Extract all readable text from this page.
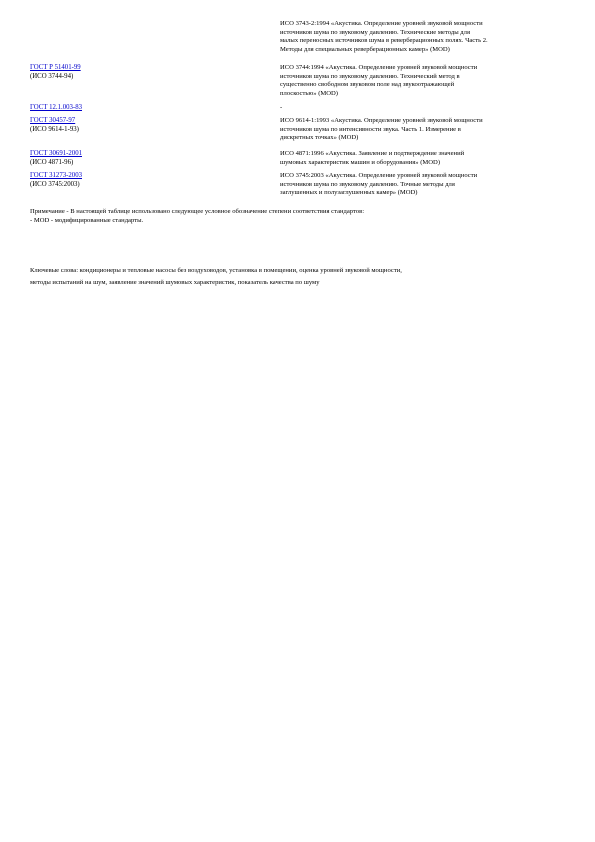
ИСО 3743-2:1994 «Акустика. Определение уровней звуковой мощности
источников шума по звуковому давлению. Технические методы для
малых переносных источников шума в реверберационных полях. Часть 2.
Методы для специальных реверберационных камер» (MOD)
ГОСТ Р 51401-99
(ИСО 3744-94)
ИСО 3744:1994 «Акустика. Определение уровней звуковой мощности
источников шума по звуковому давлению. Технический метод в
существенно свободном звуковом поле над звукоотражающей
плоскостью» (MOD)
ГОСТ 12.1.003-83	-
ГОСТ 30457-97
(ИСО 9614-1-93)
ИСО 9614-1:1993 «Акустика. Определение уровней звуковой мощности
источников шума по интенсивности звука. Часть 1. Измерение в
дискретных точках» (MOD)
ГОСТ 30691-2001
(ИСО 4871-96)
ИСО 4871:1996 «Акустика. Заявление и подтверждение значений
шумовых характеристик машин и оборудования» (MOD)
ГОСТ 31273-2003
(ИСО 3745:2003)
ИСО 3745:2003 «Акустика. Определение уровней звуковой мощности
источников шума по звуковому давлению. Точные методы для
заглушенных и полузаглушенных камер» (MOD)
Примечание - В настоящей таблице использовано следующее условное обозначение степени соответствия стандартов:
- MOD - модифицированные стандарты.
Ключевые слова: кондиционеры и тепловые насосы без воздуховодов, установка в помещении, оценка уровней звуковой мощности,
методы испытаний на шум, заявление значений шумовых характеристик, показатель качества по шуму
